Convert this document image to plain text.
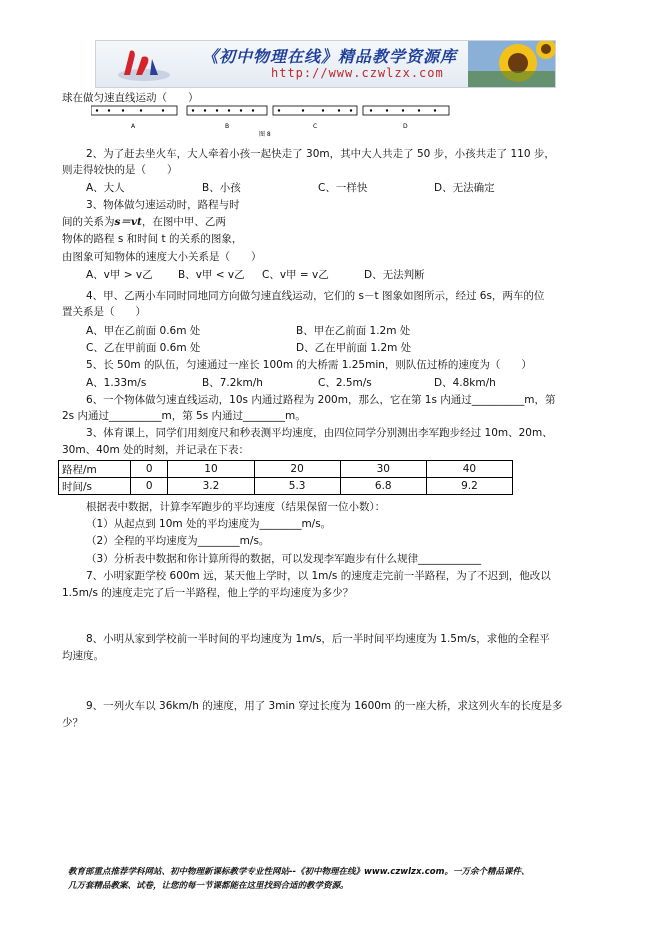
《初中物理在线》精品教学资源库
http://www.czwlzx.com
球在做匀速直线运动（　　）
A	B	C	D
图 8
2、为了赶去坐火车，大人牵着小孩一起快走了 30m，其中大人共走了 50 步，小孩共走了 110 步，
则走得较快的是（　　）
A、大人	B、小孩	C、一样快	D、无法确定
3、物体做匀速运动时，路程与时
间的关系为s＝vt，在图中甲、乙两
物体的路程 s 和时间 t 的关系的图象，
由图象可知物体的速度大小关系是（　　）
A、v甲 > v乙 B、v甲 < v乙 C、v甲 = v乙	D、无法判断
4、甲、乙两小车同时同地同方向做匀速直线运动，它们的 s－t 图象如图所示，经过 6s，两车的位
置关系是（　　）
A、甲在乙前面 0.6m 处	B、甲在乙前面 1.2m 处
C、乙在甲前面 0.6m 处	D、乙在甲前面 1.2m 处
5、长 50m 的队伍，匀速通过一座长 100m 的大桥需 1.25min，则队伍过桥的速度为（　　）
A、1.33m/s	B、7.2km/h	C、2.5m/s	D、4.8km/h
6、一个物体做匀速直线运动，10s 内通过路程为 200m，那么，它在第 1s 内通过__________m，第
2s 内通过__________m，第 5s 内通过________m。
3、体育课上，同学们用刻度尺和秒表测平均速度，由四位同学分别测出李军跑步经过 10m、20m、
30m、40m 处的时刻，并记录在下表：
路程/m	0	10	20	30	40
时间/s	0	3.2	5.3	6.8	9.2
根据表中数据，计算李军跑步的平均速度（结果保留一位小数）：
（1）从起点到 10m 处的平均速度为________m/s。
（2）全程的平均速度为________m/s。
（3）分析表中数据和你计算所得的数据，可以发现李军跑步有什么规律____________
7、小明家距学校 600m 远，某天他上学时，以 1m/s 的速度走完前一半路程，为了不迟到，他改以
1.5m/s 的速度走完了后一半路程，他上学的平均速度为多少？
8、小明从家到学校前一半时间的平均速度为 1m/s，后一半时间平均速度为 1.5m/s，求他的全程平
均速度。
9、一列火车以 36km/h 的速度，用了 3min 穿过长度为 1600m 的一座大桥，求这列火车的长度是多
少？
教育部重点推荐学科网站、初中物理新课标教学专业性网站--《初中物理在线》www.czwlzx.com。一万余个精品课件、
几万套精品教案、试卷，让您的每一节课都能在这里找到合适的教学资源。
